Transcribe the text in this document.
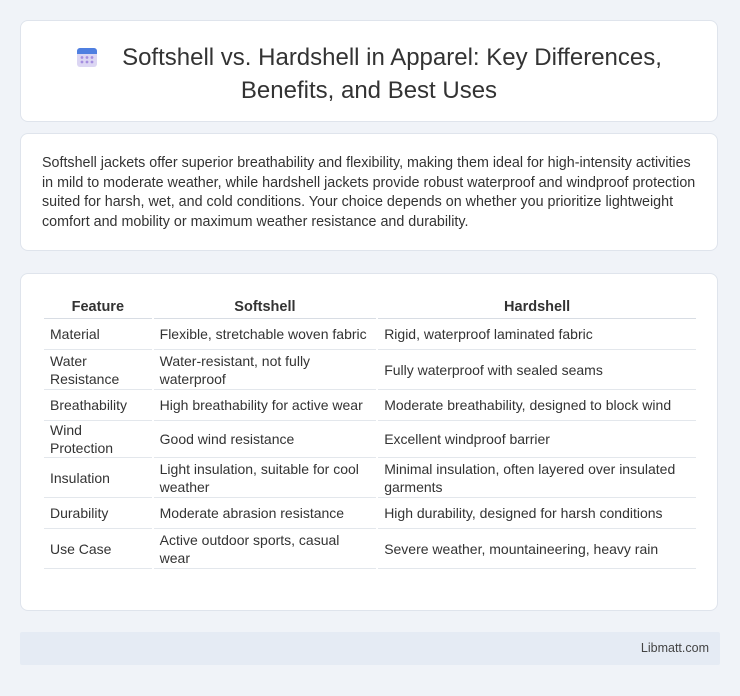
Softshell vs. Hardshell in Apparel: Key Differences,
Benefits, and Best Uses

Softshell jackets offer superior breathability and flexibility, making them ideal for high-intensity activities in mild to moderate weather, while hardshell jackets provide robust waterproof and windproof protection suited for harsh, wet, and cold conditions. Your choice depends on whether you prioritize lightweight comfort and mobility or maximum weather resistance and durability.

Feature	Softshell	Hardshell
Material	Flexible, stretchable woven fabric	Rigid, waterproof laminated fabric
Water Resistance	Water-resistant, not fully waterproof	Fully waterproof with sealed seams
Breathability	High breathability for active wear	Moderate breathability, designed to block wind
Wind Protection	Good wind resistance	Excellent windproof barrier
Insulation	Light insulation, suitable for cool weather	Minimal insulation, often layered over insulated garments
Durability	Moderate abrasion resistance	High durability, designed for harsh conditions
Use Case	Active outdoor sports, casual wear	Severe weather, mountaineering, heavy rain
Libmatt.com
